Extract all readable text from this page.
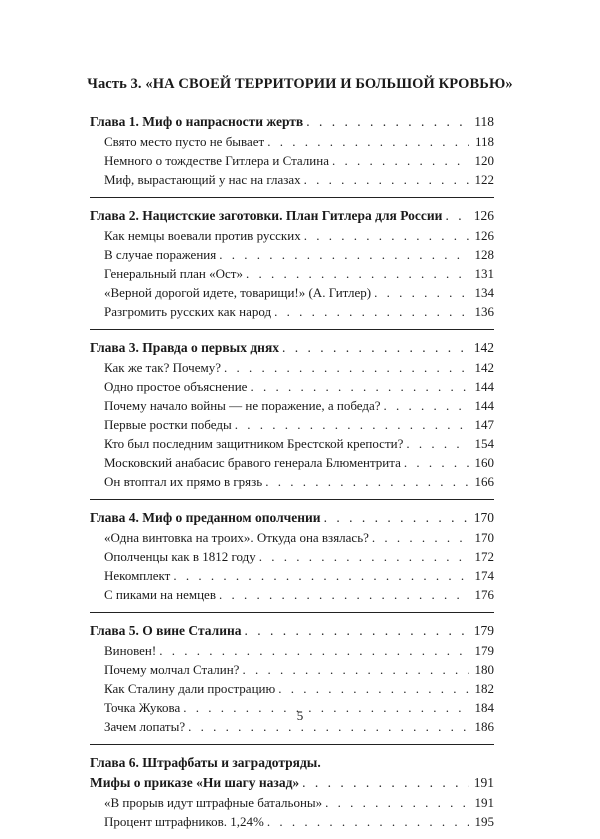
Часть 3. «НА СВОЕЙ ТЕРРИТОРИИ И БОЛЬШОЙ КРОВЬЮ»
Глава 1. Миф о напрасности жертв . . .	118
Свято место пусто не бывает . . .	118
Немного о тождестве Гитлера и Сталина . . .	120
Миф, вырастающий у нас на глазах . . .	122
Глава 2. Нацистские заготовки. План Гитлера для России . . . 126
Как немцы воевали против русских . . .	126
В случае поражения . . .	128
Генеральный план «Ост» . . .	131
«Верной дорогой идете, товарищи!» (А. Гитлер) . . .	134
Разгромить русских как народ . . .	136
Глава 3. Правда о первых днях . . .	142
Как же так? Почему? . . .	142
Одно простое объяснение . . .	144
Почему начало войны — не поражение, а победа? . . .	144
Первые ростки победы . . .	147
Кто был последним защитником Брестской крепости? . . .	154
Московский анабасис бравого генерала Блюментрита . . .	160
Он втоптал их прямо в грязь . . .	166
Глава 4. Миф о преданном ополчении . . .	170
«Одна винтовка на троих». Откуда она взялась? . . .	170
Ополченцы как в 1812 году . . .	172
Некомплект . . .	174
С пиками на немцев . . .	176
Глава 5. О вине Сталина . . .	179
Виновен! . . .	179
Почему молчал Сталин? . . .	180
Как Сталину дали прострацию . . .	182
Точка Жукова . . .	184
Зачем лопаты? . . .	186
Глава 6. Штрафбаты и заградотряды.
Мифы о приказе «Ни шагу назад» . . .	191
«В прорыв идут штрафные батальоны» . . .	191
Процент штрафников. 1,24% . . .	195
5
